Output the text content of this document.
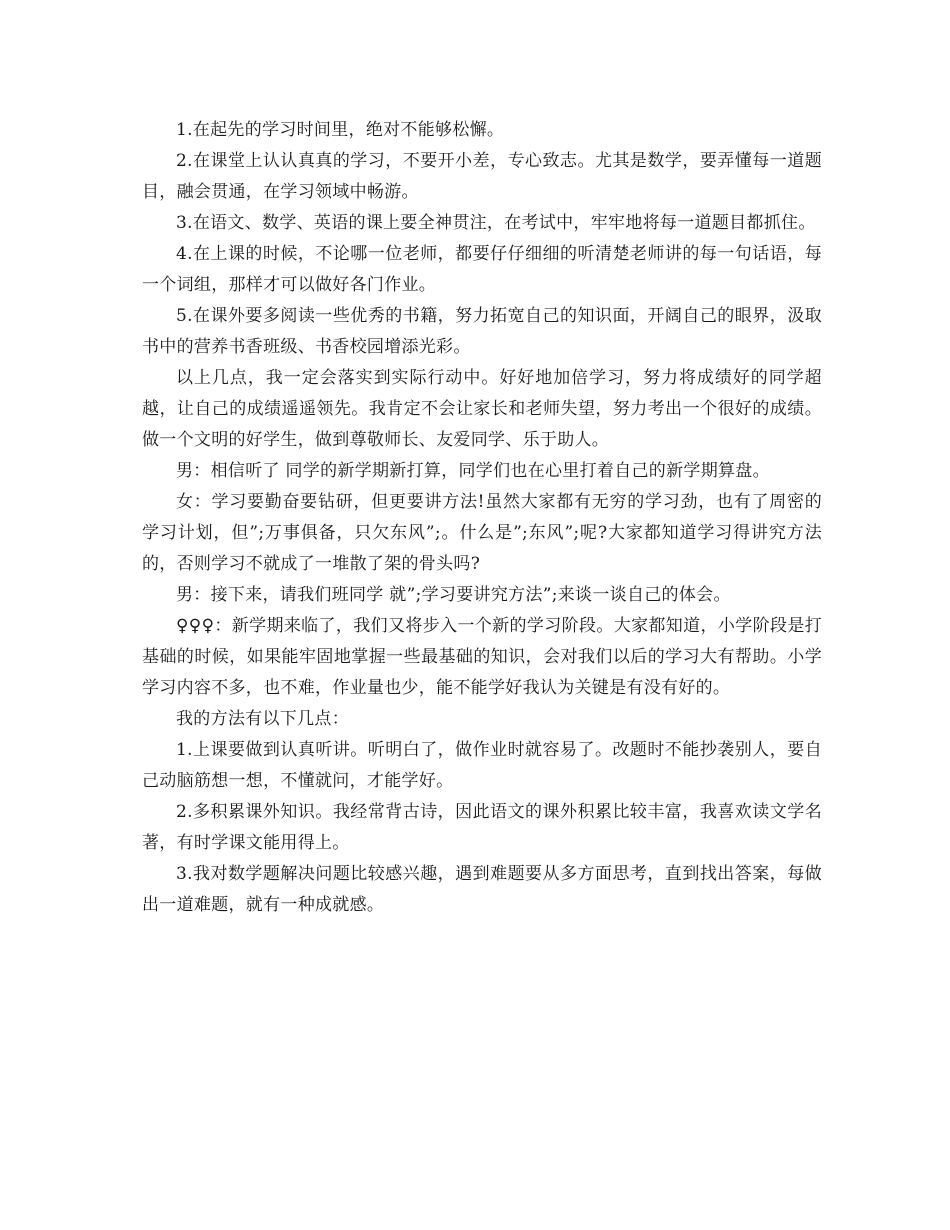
1.在起先的学习时间里，绝对不能够松懈。

2.在课堂上认认真真的学习，不要开小差，专心致志。尤其是数学，要弄懂每一道题目，融会贯通，在学习领域中畅游。

3.在语文、数学、英语的课上要全神贯注，在考试中，牢牢地将每一道题目都抓住。

4.在上课的时候，不论哪一位老师，都要仔仔细细的听清楚老师讲的每一句话语，每一个词组，那样才可以做好各门作业。

5.在课外要多阅读一些优秀的书籍，努力拓宽自己的知识面，开阔自己的眼界，汲取书中的营养书香班级、书香校园增添光彩。

以上几点，我一定会落实到实际行动中。好好地加倍学习，努力将成绩好的同学超越，让自己的成绩遥遥领先。我肯定不会让家长和老师失望，努力考出一个很好的成绩。做一个文明的好学生，做到尊敬师长、友爱同学、乐于助人。

男：相信听了 同学的新学期新打算，同学们也在心里打着自己的新学期算盘。

女：学习要勤奋要钻研，但更要讲方法!虽然大家都有无穷的学习劲，也有了周密的学习计划，但”;万事俱备，只欠东风”;。什么是”;东风”;呢?大家都知道学习得讲究方法的，否则学习不就成了一堆散了架的骨头吗?

男：接下来，请我们班同学 就”;学习要讲究方法”;来谈一谈自己的体会。

♀♀♀：新学期来临了，我们又将步入一个新的学习阶段。大家都知道，小学阶段是打基础的时候，如果能牢固地掌握一些最基础的知识，会对我们以后的学习大有帮助。小学学习内容不多，也不难，作业量也少，能不能学好我认为关键是有没有好的。

我的方法有以下几点：

1.上课要做到认真听讲。听明白了，做作业时就容易了。改题时不能抄袭别人，要自己动脑筋想一想，不懂就问，才能学好。

2.多积累课外知识。我经常背古诗，因此语文的课外积累比较丰富，我喜欢读文学名著，有时学课文能用得上。

3.我对数学题解决问题比较感兴趣，遇到难题要从多方面思考，直到找出答案，每做出一道难题，就有一种成就感。
